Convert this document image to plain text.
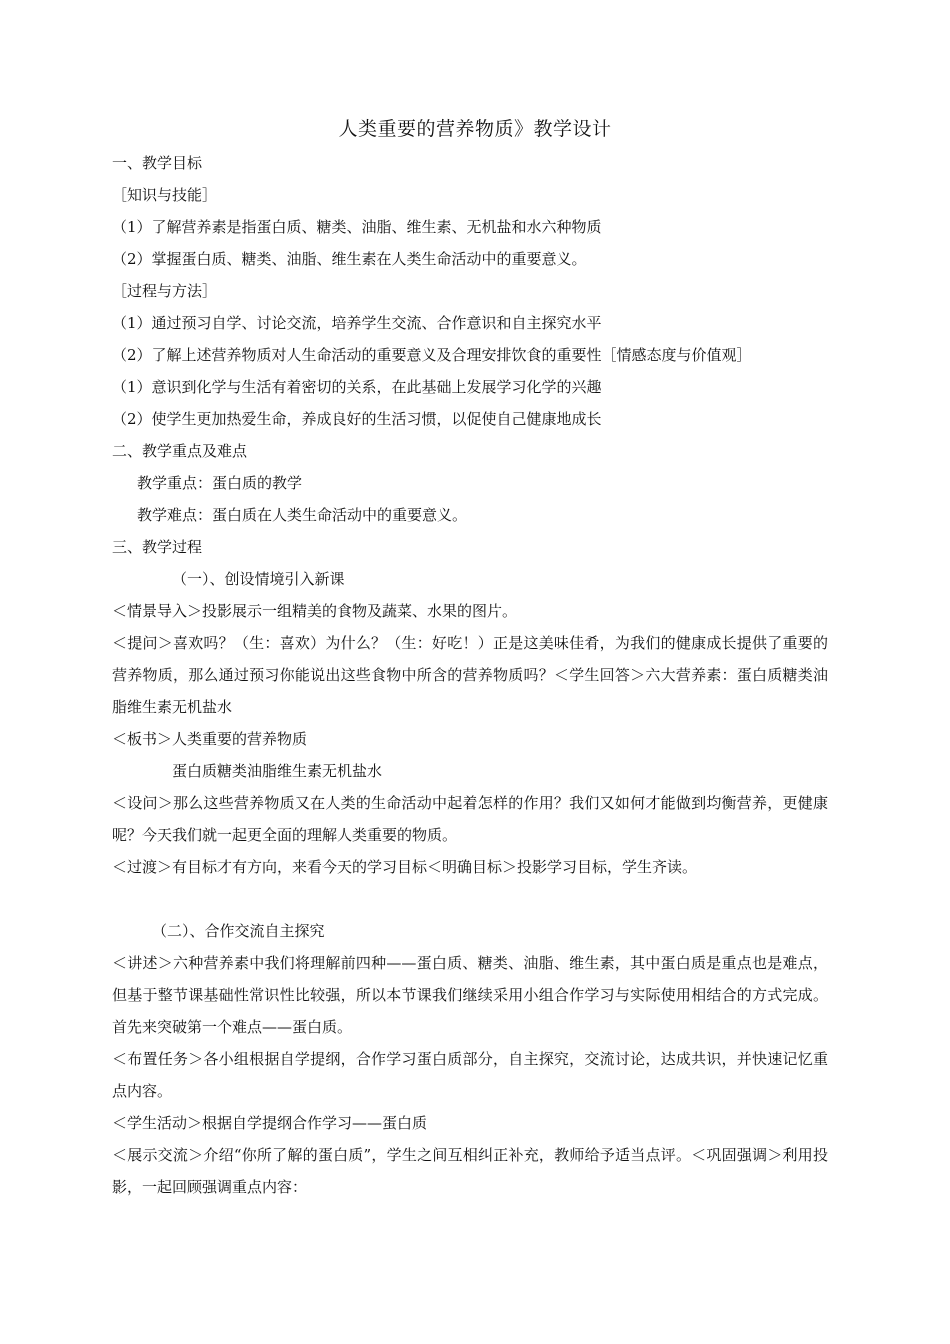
人类重要的营养物质》教学设计
一、教学目标
［知识与技能］
（1）了解营养素是指蛋白质、糖类、油脂、维生素、无机盐和水六种物质
（2）掌握蛋白质、糖类、油脂、维生素在人类生命活动中的重要意义。
［过程与方法］
（1）通过预习自学、讨论交流，培养学生交流、合作意识和自主探究水平
（2）了解上述营养物质对人生命活动的重要意义及合理安排饮食的重要性［情感态度与价值观］
（1）意识到化学与生活有着密切的关系，在此基础上发展学习化学的兴趣
（2）使学生更加热爱生命，养成良好的生活习惯，以促使自己健康地成长
二、教学重点及难点
教学重点：蛋白质的教学
教学难点：蛋白质在人类生命活动中的重要意义。
三、教学过程
（一）、创设情境引入新课
＜情景导入＞投影展示一组精美的食物及蔬菜、水果的图片。
＜提问＞喜欢吗？（生：喜欢）为什么？（生：好吃！）正是这美味佳肴，为我们的健康成长提供了重要的营养物质，那么通过预习你能说出这些食物中所含的营养物质吗？＜学生回答＞六大营养素：蛋白质糖类油脂维生素无机盐水
＜板书＞人类重要的营养物质
蛋白质糖类油脂维生素无机盐水
＜设问＞那么这些营养物质又在人类的生命活动中起着怎样的作用？我们又如何才能做到均衡营养，更健康呢？今天我们就一起更全面的理解人类重要的物质。
＜过渡＞有目标才有方向，来看今天的学习目标＜明确目标＞投影学习目标，学生齐读。
（二）、合作交流自主探究
＜讲述＞六种营养素中我们将理解前四种——蛋白质、糖类、油脂、维生素，其中蛋白质是重点也是难点，但基于整节课基础性常识性比较强，所以本节课我们继续采用小组合作学习与实际使用相结合的方式完成。首先来突破第一个难点——蛋白质。
＜布置任务＞各小组根据自学提纲，合作学习蛋白质部分，自主探究，交流讨论，达成共识，并快速记忆重点内容。
＜学生活动＞根据自学提纲合作学习——蛋白质
＜展示交流＞介绍“你所了解的蛋白质”，学生之间互相纠正补充，教师给予适当点评。＜巩固强调＞利用投影，一起回顾强调重点内容：
